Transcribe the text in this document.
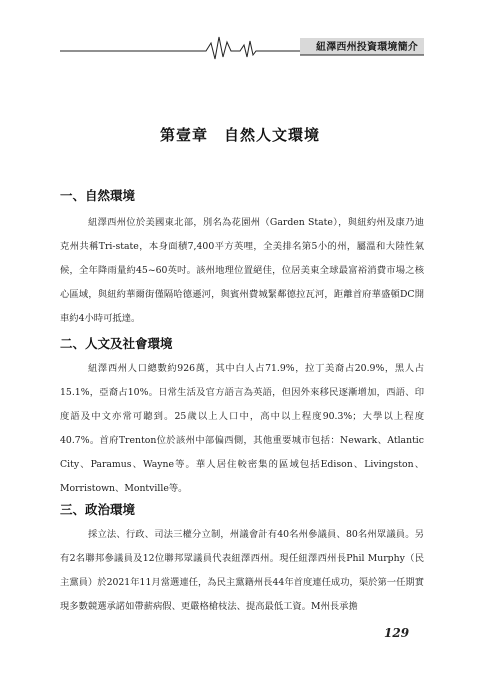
紐澤西州投資環境簡介
第壹章　自然人文環境
一、自然環境
紐澤西州位於美國東北部，別名為花園州（Garden State），與紐約州及康乃迪克州共稱Tri-state，本身面積7,400平方英哩，全美排名第5小的州，屬溫和大陸性氣候，全年降雨量約45~60英吋。該州地理位置絕佳，位居美東全球最富裕消費市場之核心區域，與紐約華爾街僅隔哈德遜河，與賓州費城緊鄰德拉瓦河，距離首府華盛頓DC開車約4小時可抵達。
二、人文及社會環境
紐澤西州人口總數約926萬，其中白人占71.9%，拉丁美裔占20.9%，黑人占15.1%，亞裔占10%。日常生活及官方語言為英語，但因外來移民逐漸增加，西語、印度語及中文亦常可聽到。25歲以上人口中，高中以上程度90.3%；大學以上程度40.7%。首府Trenton位於該州中部偏西側，其他重要城市包括：Newark、Atlantic City、Paramus、Wayne等。華人居住較密集的區域包括Edison、Livingston、Morristown、Montville等。
三、政治環境
採立法、行政、司法三權分立制，州議會計有40名州參議員、80名州眾議員。另有2名聯邦參議員及12位聯邦眾議員代表紐澤西州。現任紐澤西州長Phil Murphy（民主黨員）於2021年11月當選連任，為民主黨籍州長44年首度連任成功，渠於第一任期實現多數競選承諾如帶薪病假、更嚴格槍枝法、提高最低工資。M州長承擔
129
